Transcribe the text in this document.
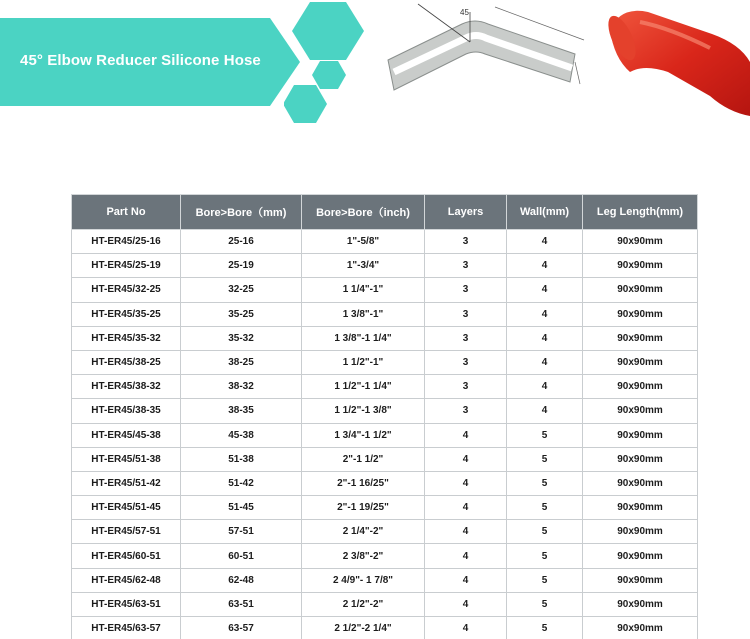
45° Elbow Reducer Silicone Hose
45
Part No	Bore>Bore（mm)	Bore>Bore（inch)	Layers	Wall(mm)	Leg Length(mm)
HT-ER45/25-16	25-16	1"-5/8"	3	4	90x90mm
HT-ER45/25-19	25-19	1"-3/4"	3	4	90x90mm
HT-ER45/32-25	32-25	1 1/4"-1"	3	4	90x90mm
HT-ER45/35-25	35-25	1 3/8"-1"	3	4	90x90mm
HT-ER45/35-32	35-32	1 3/8"-1 1/4"	3	4	90x90mm
HT-ER45/38-25	38-25	1 1/2"-1"	3	4	90x90mm
HT-ER45/38-32	38-32	1 1/2"-1 1/4"	3	4	90x90mm
HT-ER45/38-35	38-35	1 1/2"-1 3/8"	3	4	90x90mm
HT-ER45/45-38	45-38	1 3/4"-1 1/2"	4	5	90x90mm
HT-ER45/51-38	51-38	2"-1 1/2"	4	5	90x90mm
HT-ER45/51-42	51-42	2"-1 16/25"	4	5	90x90mm
HT-ER45/51-45	51-45	2"-1 19/25"	4	5	90x90mm
HT-ER45/57-51	57-51	2 1/4"-2"	4	5	90x90mm
HT-ER45/60-51	60-51	2 3/8"-2"	4	5	90x90mm
HT-ER45/62-48	62-48	2 4/9"- 1 7/8"	4	5	90x90mm
HT-ER45/63-51	63-51	2 1/2"-2"	4	5	90x90mm
HT-ER45/63-57	63-57	2 1/2"-2 1/4"	4	5	90x90mm
